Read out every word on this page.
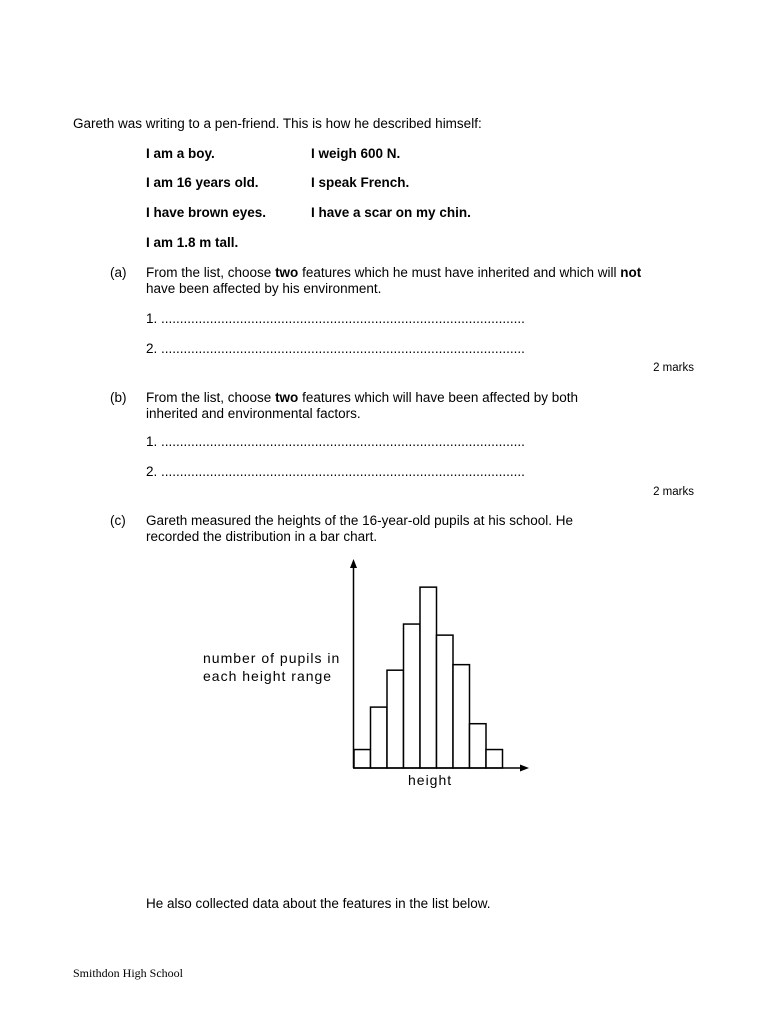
Gareth was writing to a pen-friend. This is how he described himself:
I am a boy.	I weigh 600 N.
I am 16 years old.	I speak French.
I have brown eyes.	I have a scar on my chin.
I am 1.8 m tall.
(a) From the list, choose two features which he must have inherited and which will not have been affected by his environment.
1. .................................................................................................
2. .................................................................................................
2 marks
(b) From the list, choose two features which will have been affected by both inherited and environmental factors.
1. .................................................................................................
2. .................................................................................................
2 marks
(c) Gareth measured the heights of the 16-year-old pupils at his school. He recorded the distribution in a bar chart.
number of pupils in
each height range
height
He also collected data about the features in the list below.
Smithdon High School
